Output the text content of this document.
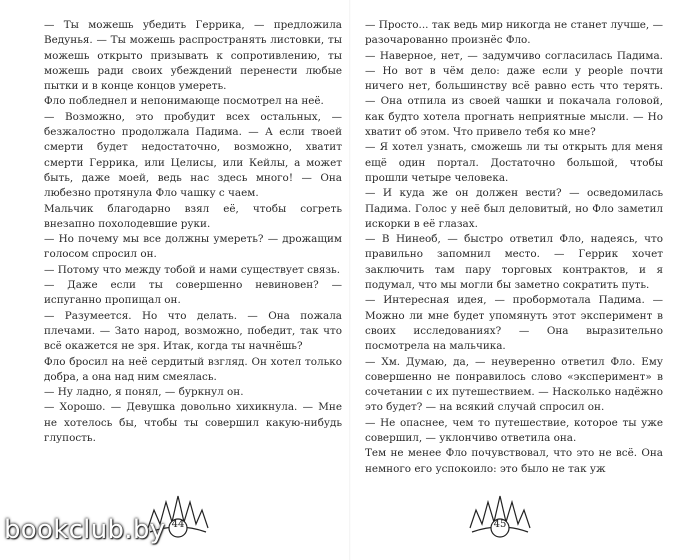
— Ты можешь убедить Геррика, — предложила Ведунья. — Ты можешь распространять листовки, ты можешь открыто призывать к сопротивлению, ты можешь ради своих убеждений перенести любые пытки и в конце концов умереть.

Фло побледнел и непонимающе посмотрел на неё.

— Возможно, это пробудит всех остальных, — безжалостно продолжала Падима. — А если твоей смерти будет недостаточно, возможно, хватит смерти Геррика, или Целисы, или Кейлы, а может быть, даже моей, ведь нас здесь много! — Она любезно протянула Фло чашку с чаем.

Мальчик благодарно взял её, чтобы согреть внезапно похолодевшие руки.

— Но почему мы все должны умереть? — дрожащим голосом спросил он.

— Потому что между тобой и нами существует связь.

— Даже если ты совершенно невиновен? — испуганно пропищал он.

— Разумеется. Но что делать. — Она пожала плечами. — Зато народ, возможно, победит, так что всё окажется не зря. Итак, когда ты начнёшь?

Фло бросил на неё сердитый взгляд. Он хотел только добра, а она над ним смеялась.

— Ну ладно, я понял, — буркнул он.

— Хорошо. — Девушка довольно хихикнула. — Мне не хотелось бы, чтобы ты совершил какую-нибудь глупость.

— Просто... так ведь мир никогда не станет лучше, — разочарованно произнёс Фло.

— Наверное, нет, — задумчиво согласилась Падима. — Но вот в чём дело: даже если у people почти ничего нет, большинству всё равно есть что терять. — Она отпила из своей чашки и покачала головой, как будто хотела прогнать неприятные мысли. — Но хватит об этом. Что привело тебя ко мне?

— Я хотел узнать, сможешь ли ты открыть для меня ещё один портал. Достаточно большой, чтобы прошли четыре человека.

— И куда же он должен вести? — осведомилась Падима. Голос у неё был деловитый, но Фло заметил искорки в её глазах.

— В Нинеоб, — быстро ответил Фло, надеясь, что правильно запомнил место. — Геррик хочет заключить там пару торговых контрактов, и я подумал, что мы могли бы заметно сократить путь.

— Интересная идея, — пробормотала Падима. — Можно ли мне будет упомянуть этот эксперимент в своих исследованиях? — Она выразительно посмотрела на мальчика.

— Хм. Думаю, да, — неуверенно ответил Фло. Ему совершенно не понравилось слово «эксперимент» в сочетании с их путешествием. — Насколько надёжно это будет? — на всякий случай спросил он.

— Не опаснее, чем то путешествие, которое ты уже совершил, — уклончиво ответила она.

Тем не менее Фло почувствовал, что это не всё. Она немного его успокоило: это было не так уж

44	45
bookclub.by
